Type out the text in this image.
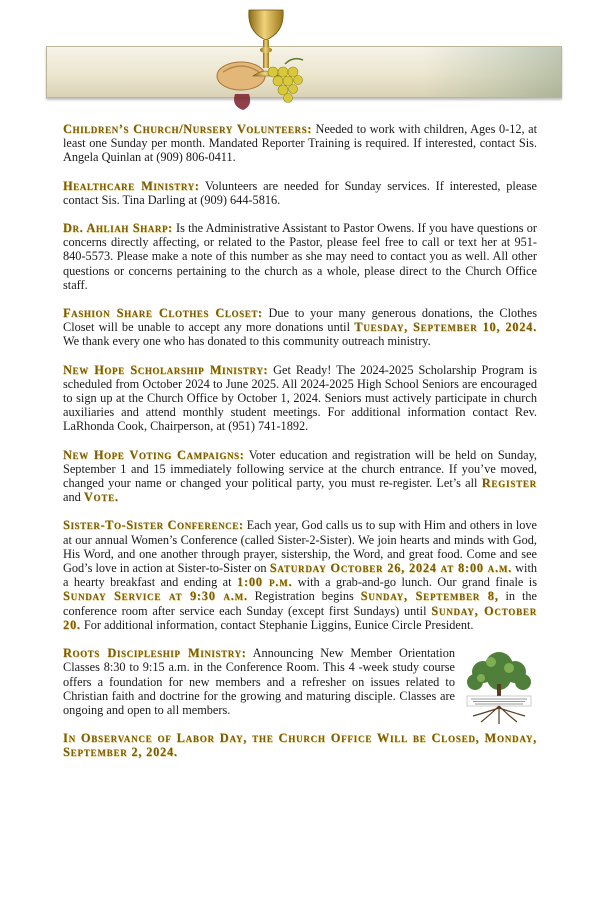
Children’s Church/Nursery Volunteers: Needed to work with children, Ages 0-12, at least one Sunday per month. Mandated Reporter Training is required. If interested, contact Sis. Angela Quinlan at (909) 806-0411.

Healthcare Ministry: Volunteers are needed for Sunday services. If interested, please contact Sis. Tina Darling at (909) 644-5816.

Dr. Ahliah Sharp: Is the Administrative Assistant to Pastor Owens. If you have questions or concerns directly affecting, or related to the Pastor, please feel free to call or text her at 951-840-5573. Please make a note of this number as she may need to contact you as well. All other questions or concerns pertaining to the church as a whole, please direct to the Church Office staff.

Fashion Share Clothes Closet: Due to your many generous donations, the Clothes Closet will be unable to accept any more donations until Tuesday, September 10, 2024. We thank every one who has donated to this community outreach ministry.

New Hope Scholarship Ministry: Get Ready! The 2024-2025 Scholarship Program is scheduled from October 2024 to June 2025. All 2024-2025 High School Seniors are encouraged to sign up at the Church Office by October 1, 2024. Seniors must actively participate in church auxiliaries and attend monthly student meetings. For additional information contact Rev. LaRhonda Cook, Chairperson, at (951) 741-1892.

New Hope Voting Campaigns: Voter education and registration will be held on Sunday, September 1 and 15 immediately following service at the church entrance. If you’ve moved, changed your name or changed your political party, you must re-register. Let’s all Register and Vote.

Sister-To-Sister Conference: Each year, God calls us to sup with Him and others in love at our annual Women’s Conference (called Sister-2-Sister). We join hearts and minds with God, His Word, and one another through prayer, sistership, the Word, and great food. Come and see God’s love in action at Sister-to-Sister on Saturday October 26, 2024 at 8:00 a.m. with a hearty breakfast and ending at 1:00 p.m. with a grab-and-go lunch. Our grand finale is Sunday Service at 9:30 a.m. Registration begins Sunday, September 8, in the conference room after service each Sunday (except first Sundays) until Sunday, October 20. For additional information, contact Stephanie Liggins, Eunice Circle President.

Roots Discipleship Ministry: Announcing New Member Orientation Classes 8:30 to 9:15 a.m. in the Conference Room. This 4 -week study course offers a foundation for new members and a refresher on issues related to Christian faith and doctrine for the growing and maturing disciple. Classes are ongoing and open to all members.

In Observance of Labor Day, the Church Office Will be Closed, Monday, September 2, 2024.
